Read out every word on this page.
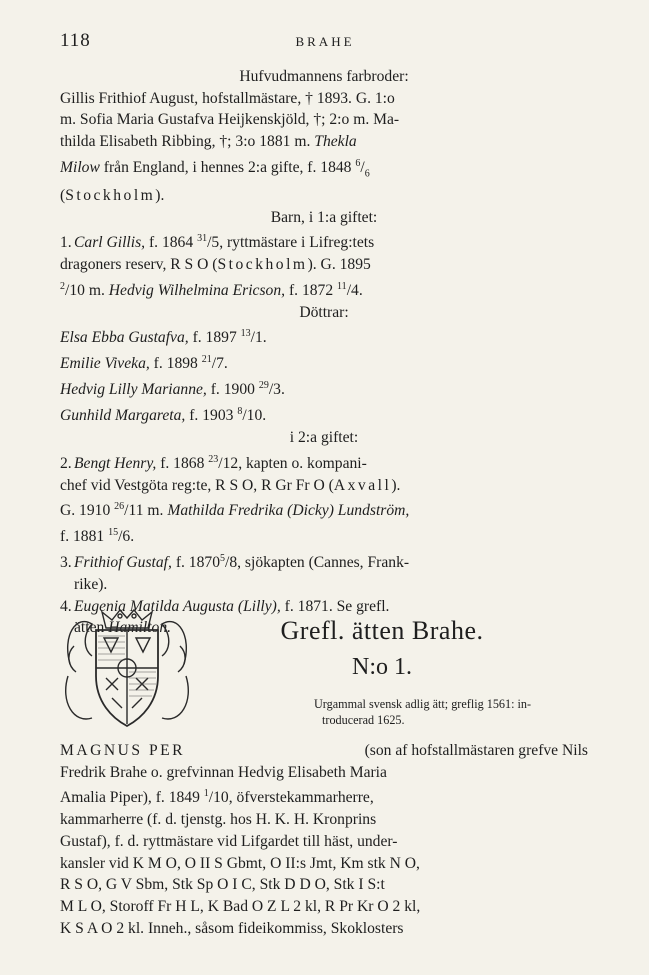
118	BRAHE

Hufvudmannens farbroder:

Gillis Frithiof August, hofstallmästare, † 1893. G. 1:o

m. Sofia Maria Gustafva Heijkenskjöld, †; 2:o m. Ma-

thilda Elisabeth Ribbing, †; 3:o 1881 m. Thekla

Milow från England, i hennes 2:a gifte, f. 1848 $^6/_6$

(Stockholm).

Barn, i 1:a giftet:

1. Carl Gillis, f. 1864 $^{31}$/5, ryttmästare i Lifreg:tets

dragoners reserv, R S O (Stockholm). G. 1895

$^2$/10 m. Hedvig Wilhelmina Ericson, f. 1872 $^{11}$/4.

Döttrar:

Elsa Ebba Gustafva, f. 1897 $^{13}$/1.

Emilie Viveka, f. 1898 $^{21}$/7.

Hedvig Lilly Marianne, f. 1900 $^{29}$/3.

Gunhild Margareta, f. 1903 $^8$/10.

i 2:a giftet:

2. Bengt Henry, f. 1868 $^{23}$/12, kapten o. kompani-

chef vid Vestgöta reg:te, R S O, R Gr Fr O (Axvall).

G. 1910 $^{26}$/11 m. Mathilda Fredrika (Dicky) Lundström,

f. 1881 $^{15}$/6.

3. Frithiof Gustaf, f. 1870$^5$/8, sjökapten (Cannes, Frank-

rike).

4. Eugenia Matilda Augusta (Lilly), f. 1871. Se grefl.

ätten Hamilton.	Grefl. ätten Brahe.
N:o 1.
Urgammal svensk adlig ätt; greflig 1561: in-
troducerad 1625.
MAGNUS PER	(son af hofstallmästaren grefve Nils
Fredrik Brahe o. grefvinnan Hedvig Elisabeth Maria
Amalia Piper), f. 1849 $^1$/10, öfverstekammarherre,
kammarherre (f. d. tjenstg. hos H. K. H. Kronprins
Gustaf), f. d. ryttmästare vid Lifgardet till häst, under-
kansler vid K M O, O II S Gbmt, O II:s Jmt, Km stk N O,
R S O, G V Sbm, Stk Sp O I C, Stk D D O, Stk I S:t
M L O, Storoff Fr H L, K Bad O Z L 2 kl, R Pr Kr O 2 kl,
K S A O 2 kl. Inneh., såsom fideikommiss, Skoklosters
